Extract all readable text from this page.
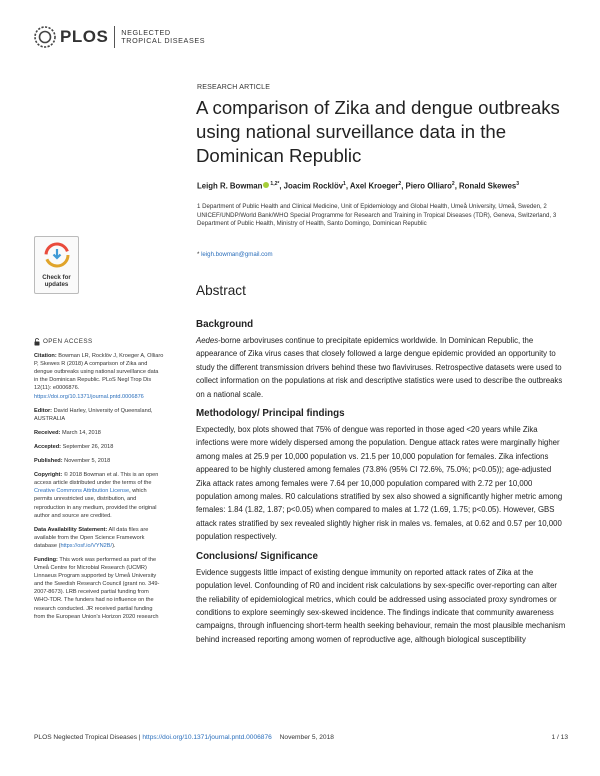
PLOS NEGLECTED
TROPICAL DISEASES
RESEARCH ARTICLE
A comparison of Zika and dengue outbreaks using national surveillance data in the Dominican Republic
Leigh R. Bowman $^{1,2*}$, Joacim Rocklöv$^1$, Axel Kroeger$^2$, Piero Olliaro$^2$, Ronald Skewes$^3$
1 Department of Public Health and Clinical Medicine, Unit of Epidemiology and Global Health, Umeå University, Umeå, Sweden, 2 UNICEF/UNDP/World Bank/WHO Special Programme for Research and Training in Tropical Diseases (TDR), Geneva, Switzerland, 3 Department of Public Health, Ministry of Health, Santo Domingo, Dominican Republic
* leigh.bowman@gmail.com
Check for
updates	Abstract
OPEN ACCESS

Citation: Bowman LR, Rocklöv J, Kroeger A, Olliaro P, Skewes R (2018) A comparison of Zika and dengue outbreaks using national surveillance data in the Dominican Republic. PLoS Negl Trop Dis 12(11): e0006876. https://doi.org/10.1371/journal.pntd.0006876

Editor: David Harley, University of Queensland, AUSTRALIA

Received: March 14, 2018

Accepted: September 26, 2018

Published: November 5, 2018

Copyright: © 2018 Bowman et al. This is an open access article distributed under the terms of the Creative Commons Attribution License, which permits unrestricted use, distribution, and reproduction in any medium, provided the original author and source are credited.

Data Availability Statement: All data files are available from the Open Science Framework database (https://osf.io/VYN2B/).

Funding: This work was performed as part of the Umeå Centre for Microbial Research (UCMR) Linnaeus Program supported by Umeå University and the Swedish Research Council (grant no. 349-2007-8673). LRB received partial funding from WHO-TDR. The funders had no influence on the research conducted. JR received partial funding from the European Union's Horizon 2020 research

Background

Aedes-borne arboviruses continue to precipitate epidemics worldwide. In Dominican Republic, the appearance of Zika virus cases that closely followed a large dengue epidemic provided an opportunity to study the different transmission drivers behind these two flaviviruses. Retrospective datasets were used to collect information on the populations at risk and descriptive statistics were used to describe the outbreaks on a national scale.

Methodology/ Principal findings

Expectedly, box plots showed that 75% of dengue was reported in those aged <20 years while Zika infections were more widely dispersed among the population. Dengue attack rates were marginally higher among males at 25.9 per 10,000 population vs. 21.5 per 10,000 population for females. Zika infections appeared to be highly clustered among females (73.8% (95% CI 72.6%, 75.0%; p<0.05)); age-adjusted Zika attack rates among females were 7.64 per 10,000 population compared with 2.72 per 10,000 population among males. R0 calculations stratified by sex also showed a significantly higher metric among females: 1.84 (1.82, 1.87; p<0.05) when compared to males at 1.72 (1.69, 1.75; p<0.05). However, GBS attack rates stratified by sex revealed slightly higher risk in males vs. females, at 0.62 and 0.57 per 10,000 population respectively.

Conclusions/ Significance

Evidence suggests little impact of existing dengue immunity on reported attack rates of Zika at the population level. Confounding of R0 and incident risk calculations by sex-specific over-reporting can alter the reliability of epidemiological metrics, which could be addressed using associated proxy syndromes or conditions to explore seemingly sex-skewed incidence. The findings indicate that community awareness campaigns, through influencing short-term health seeking behaviour, remain the most plausible mechanism behind increased reporting among women of reproductive age, although biological susceptibility

PLOS Neglected Tropical Diseases | https://doi.org/10.1371/journal.pntd.0006876 November 5, 2018	1 / 13
